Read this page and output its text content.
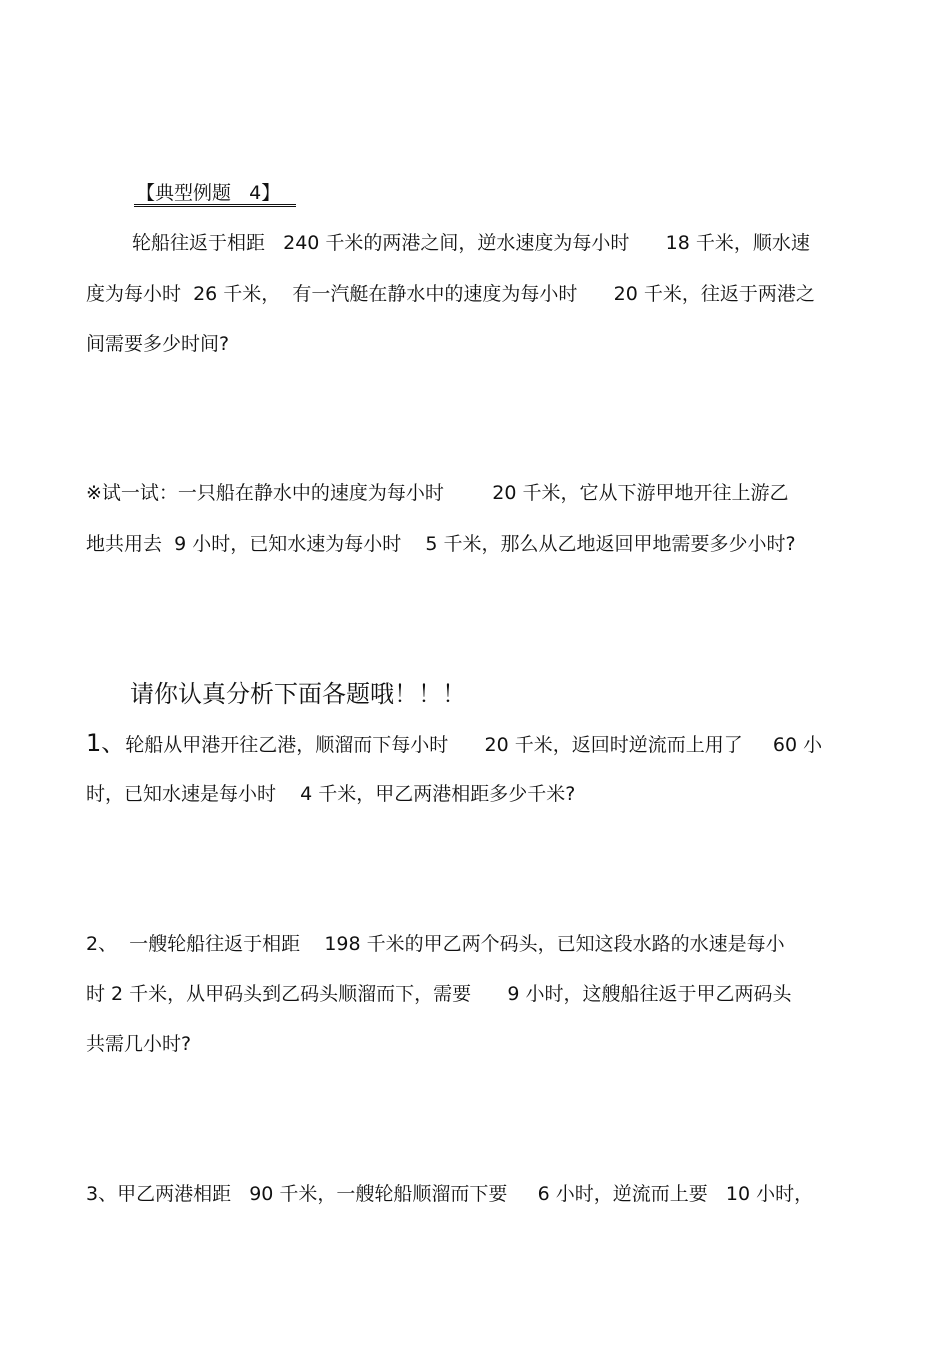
【典型例题   4】
轮船往返于相距   240 千米的两港之间，逆水速度为每小时      18 千米，顺水速
度为每小时  26 千米，  有一汽艇在静水中的速度为每小时      20 千米，往返于两港之
间需要多少时间?
※试一试：一只船在静水中的速度为每小时        20 千米，它从下游甲地开往上游乙
地共用去  9 小时，已知水速为每小时    5 千米，那么从乙地返回甲地需要多少小时?
请你认真分析下面各题哦！！！
1、轮船从甲港开往乙港，顺溜而下每小时      20 千米，返回时逆流而上用了     60 小
时，已知水速是每小时    4 千米，甲乙两港相距多少千米?
2、  一艘轮船往返于相距    198 千米的甲乙两个码头，已知这段水路的水速是每小
时 2 千米，从甲码头到乙码头顺溜而下，需要      9 小时，这艘船往返于甲乙两码头
共需几小时?
3、甲乙两港相距   90 千米，一艘轮船顺溜而下要     6 小时，逆流而上要   10 小时，
